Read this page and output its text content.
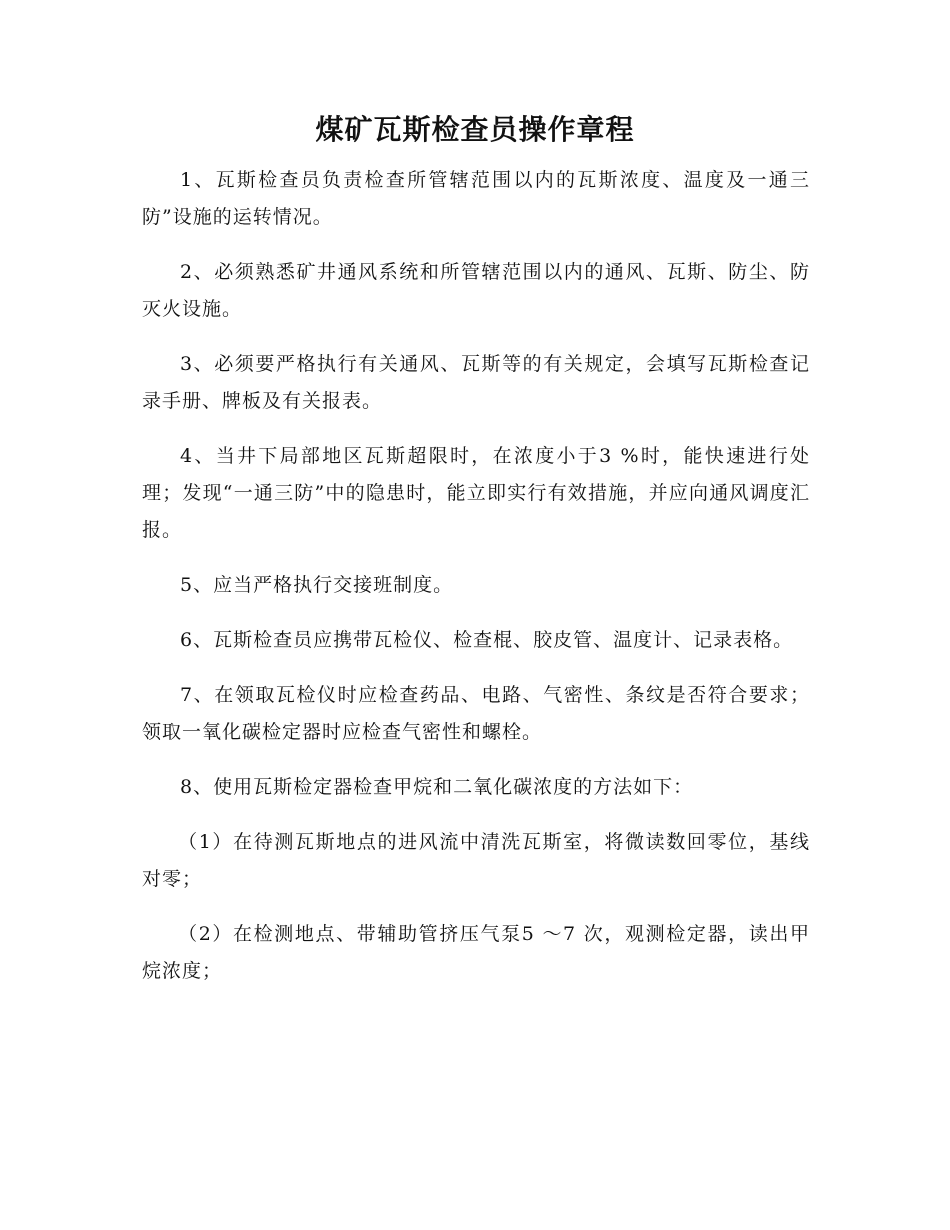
煤矿瓦斯检查员操作章程

1、瓦斯检查员负责检查所管辖范围以内的瓦斯浓度、温度及一通三防”设施的运转情况。

2、必须熟悉矿井通风系统和所管辖范围以内的通风、瓦斯、防尘、防灭火设施。

3、必须要严格执行有关通风、瓦斯等的有关规定，会填写瓦斯检查记录手册、牌板及有关报表。

4、当井下局部地区瓦斯超限时，在浓度小于3 %时，能快速进行处理；发现“一通三防”中的隐患时，能立即实行有效措施，并应向通风调度汇报。

5、应当严格执行交接班制度。

6、瓦斯检查员应携带瓦检仪、检查棍、胶皮管、温度计、记录表格。

7、在领取瓦检仪时应检查药品、电路、气密性、条纹是否符合要求；领取一氧化碳检定器时应检查气密性和螺栓。

8、使用瓦斯检定器检查甲烷和二氧化碳浓度的方法如下：

（1）在待测瓦斯地点的进风流中清洗瓦斯室，将微读数回零位，基线对零；

（2）在检测地点、带辅助管挤压气泵5 ～7 次，观测检定器，读出甲烷浓度；
